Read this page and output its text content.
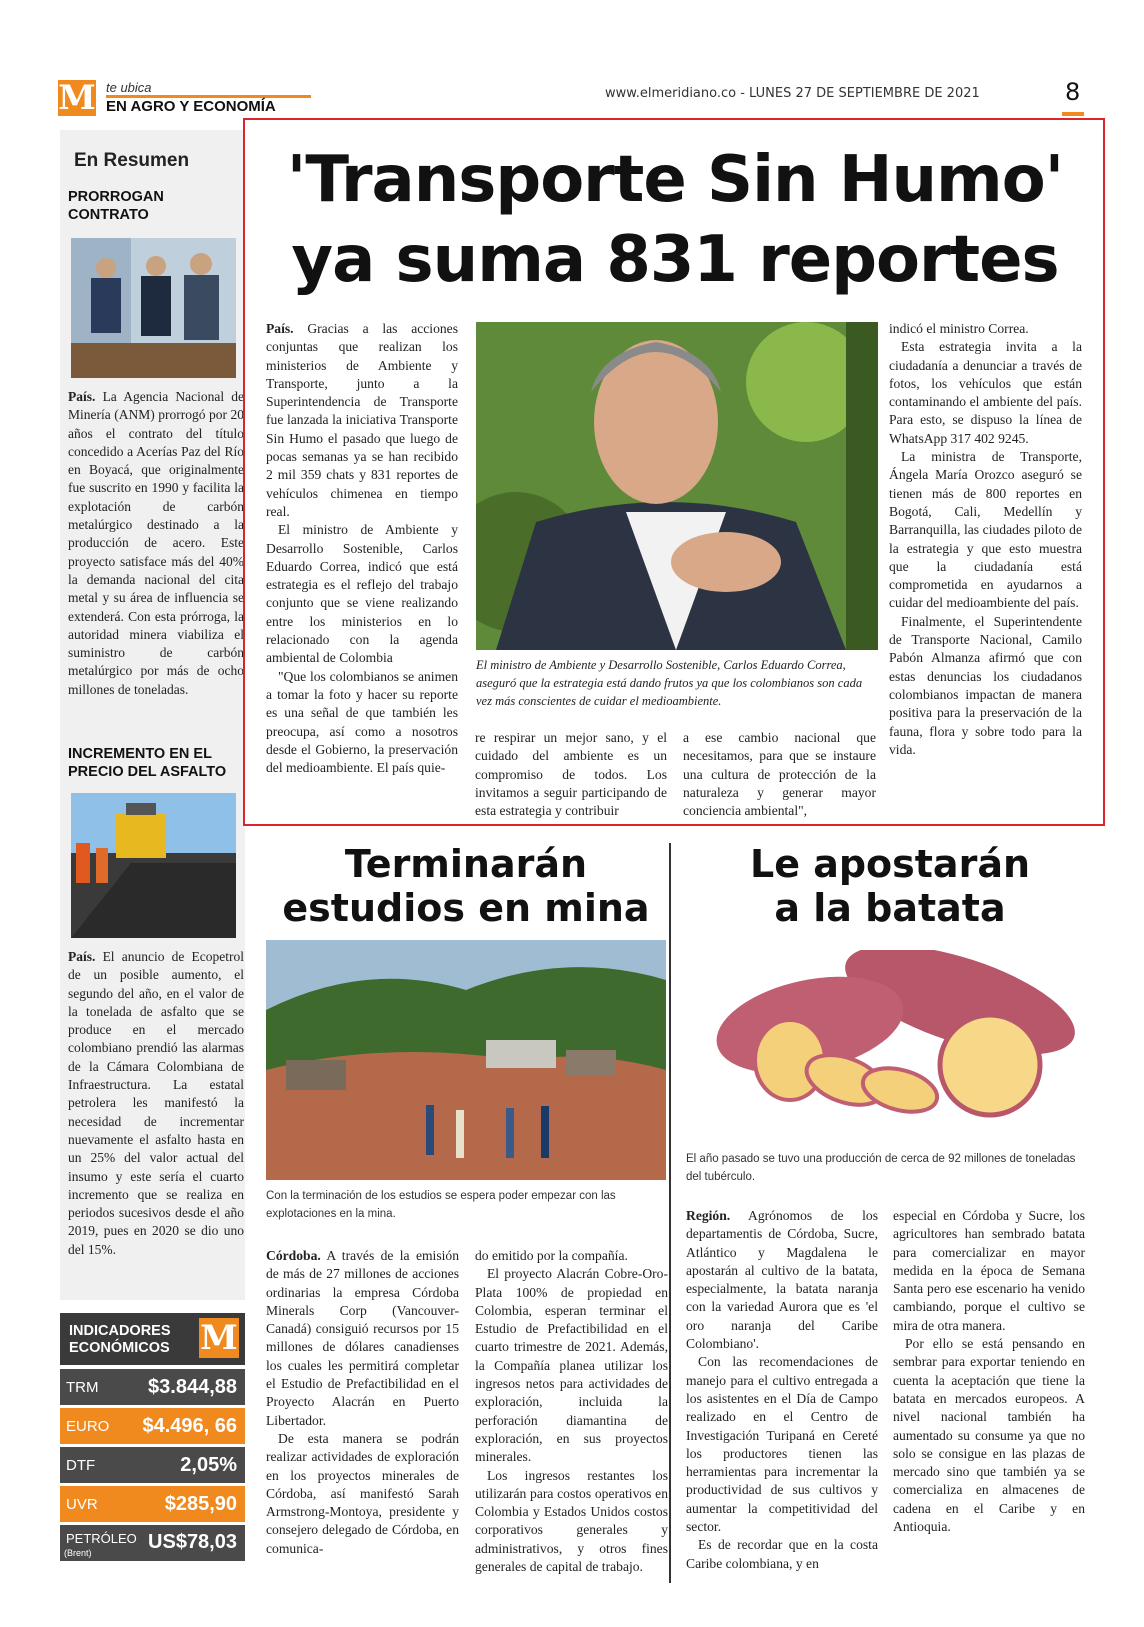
M te ubica
EN AGRO Y ECONOMÍA
www.elmeridiano.co - LUNES 27 DE SEPTIEMBRE DE 2021	8
En Resumen
PRORROGAN
CONTRATO
País. La Agencia Nacional de Minería (ANM) prorrogó por 20 años el contrato del título concedido a Acerías Paz del Río en Boyacá, que originalmente fue suscrito en 1990 y facilita la explotación de carbón metalúrgico destinado a la producción de acero. Este proyecto satisface más del 40% la demanda nacional del cita metal y su área de influencia se extenderá. Con esta prórroga, la autoridad minera viabiliza el suministro de carbón metalúrgico por más de ocho millones de toneladas.
INCREMENTO EN EL
PRECIO DEL ASFALTO
País. El anuncio de Ecopetrol de un posible aumento, el segundo del año, en el valor de la tonelada de asfalto que se produce en el mercado colombiano prendió las alarmas de la Cámara Colombiana de Infraestructura. La estatal petrolera les manifestó la necesidad de incrementar nuevamente el asfalto hasta en un 25% del valor actual del insumo y este sería el cuarto incremento que se realiza en periodos sucesivos desde el año 2019, pues en 2020 se dio uno del 15%.
INDICADORES
ECONÓMICOS M
TRM $3.844,88
EURO $4.496, 66
DTF	2,05%
UVR	$285,90
PETRÓLEO US$78,03
(Brent)
'Transporte Sin Humo'
ya suma 831 reportes
El ministro de Ambiente y Desarrollo Sostenible, Carlos Eduardo Correa, aseguró que la estrategia está dando frutos ya que los colombianos son cada vez más conscientes de cuidar el medioambiente.

País. Gracias a las acciones conjuntas que realizan los ministerios de Ambiente y Transporte, junto a la Superintendencia de Transporte fue lanzada la iniciativa Transporte Sin Humo el pasado que luego de pocas semanas ya se han recibido 2 mil 359 chats y 831 reportes de vehículos chimenea en tiempo real.

El ministro de Ambiente y Desarrollo Sostenible, Carlos Eduardo Correa, indicó que está estrategia es el reflejo del trabajo conjunto que se viene realizando entre los ministerios en lo relacionado con la agenda ambiental de Colombia

"Que los colombianos se animen a tomar la foto y hacer su reporte es una señal de que también les preocupa, así como a nosotros desde el Gobierno, la preservación del medioambiente. El país quie-

re respirar un mejor sano, y el cuidado del ambiente es un compromiso de todos. Los invitamos a seguir participando de esta estrategia y contribuir
a ese cambio nacional que necesitamos, para que se instaure una cultura de protección de la naturaleza y generar mayor conciencia ambiental",

indicó el ministro Correa.

Esta estrategia invita a la ciudadanía a denunciar a través de fotos, los vehículos que están contaminando el ambiente del país. Para esto, se dispuso la línea de WhatsApp 317 402 9245.

La ministra de Transporte, Ángela María Orozco aseguró se tienen más de 800 reportes en Bogotá, Cali, Medellín y Barranquilla, las ciudades piloto de la estrategia y que esto muestra que la ciudadanía está comprometida en ayudarnos a cuidar del medioambiente del país.

Finalmente, el Superintendente de Transporte Nacional, Camilo Pabón Almanza afirmó que con estas denuncias los ciudadanos colombianos impactan de manera positiva para la preservación de la fauna, flora y sobre todo para la vida.

Terminarán
estudios en mina
Con la terminación de los estudios se espera poder empezar con las explotaciones en la mina.

Córdoba. A través de la emisión de más de 27 millones de acciones ordinarias la empresa Córdoba Minerals Corp (Vancouver-Canadá) consiguió recursos por 15 millones de dólares canadienses los cuales les permitirá completar el Estudio de Prefactibilidad en el Proyecto Alacrán en Puerto Libertador.

De esta manera se podrán realizar actividades de exploración en los proyectos minerales de Córdoba, así manifestó Sarah Armstrong-Montoya, presidente y consejero delegado de Córdoba, en comunica-

do emitido por la compañía.

El proyecto Alacrán Cobre-Oro-Plata 100% de propiedad en Colombia, esperan terminar el Estudio de Prefactibilidad en el cuarto trimestre de 2021. Además, la Compañía planea utilizar los ingresos netos para actividades de exploración, incluida la perforación diamantina de exploración, en sus proyectos minerales.

Los ingresos restantes los utilizarán para costos operativos en Colombia y Estados Unidos costos corporativos generales y administrativos, y otros fines generales de capital de trabajo.

Le apostarán
a la batata
El año pasado se tuvo una producción de cerca de 92 millones de toneladas del tubérculo.

Región. Agrónomos de los departamentis de Córdoba, Sucre, Atlántico y Magdalena le apostarán al cultivo de la batata, especialmente, la batata naranja con la variedad Aurora que es 'el oro naranja del Caribe Colombiano'.

Con las recomendaciones de manejo para el cultivo entregada a los asistentes en el Día de Campo realizado en el Centro de Investigación Turipaná en Cereté los productores tienen las herramientas para incrementar la productividad de sus cultivos y aumentar la competitividad del sector.

Es de recordar que en la costa Caribe colombiana, y en

especial en Córdoba y Sucre, los agricultores han sembrado batata para comercializar en mayor medida en la época de Semana Santa pero ese escenario ha venido cambiando, porque el cultivo se mira de otra manera.

Por ello se está pensando en sembrar para exportar teniendo en cuenta la aceptación que tiene la batata en mercados europeos. A nivel nacional también ha aumentado su consume ya que no solo se consigue en las plazas de mercado sino que también ya se comercializa en almacenes de cadena en el Caribe y en Antioquia.
